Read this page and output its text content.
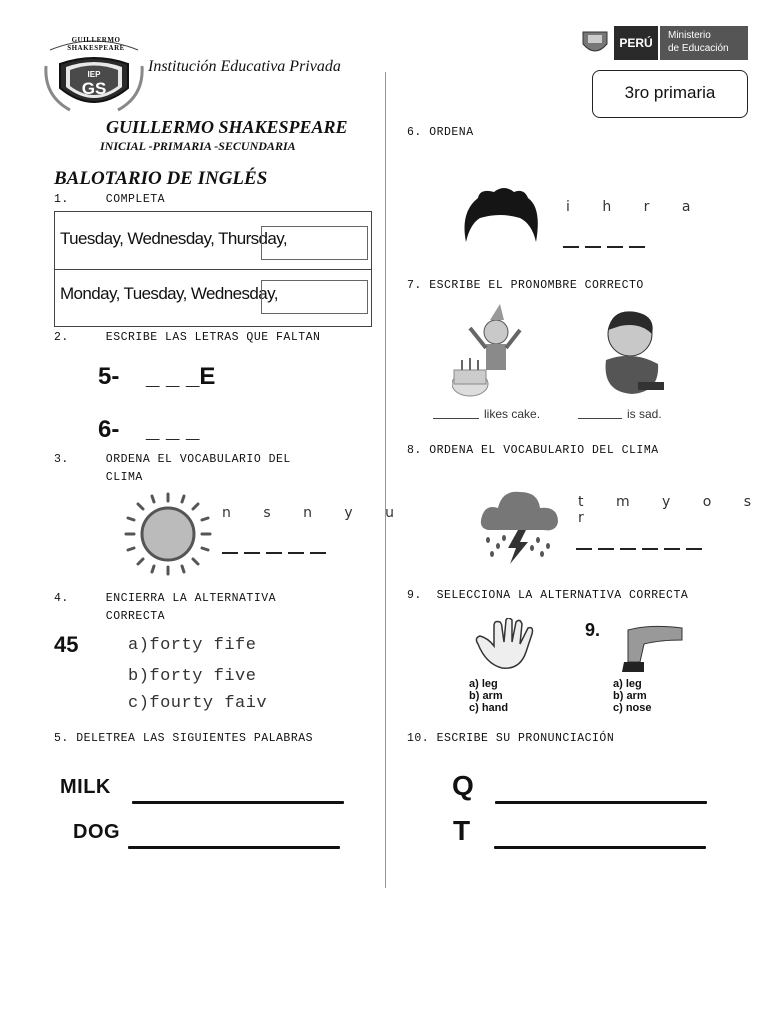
GUILLERMO SHAKESPEARE
IEP
GS
Institución Educativa Privada
GUILLERMO SHAKESPEARE
INICIAL -PRIMARIA -SECUNDARIA
BALOTARIO DE INGLÉS
PERÚ
Ministerio
de Educación
3ro primaria
1.     COMPLETA
Tuesday, Wednesday, Thursday,
Monday, Tuesday, Wednesday,
2.     ESCRIBE LAS LETRAS QUE FALTAN
5- _ _ _E
6- _ _ _
3.     ORDENA EL VOCABULARIO DEL
CLIMA
n s n y u
4.     ENCIERRA LA ALTERNATIVA
CORRECTA
45	a)forty fife
b)forty five
c)fourty faiv
5. DELETREA LAS SIGUIENTES PALABRAS
MILK
DOG
6. ORDENA
i h r a
7. ESCRIBE EL PRONOMBRE CORRECTO
likes cake.	is sad.
8. ORDENA EL VOCABULARIO DEL CLIMA
t m y o s r
9.  SELECCIONA LA ALTERNATIVA CORRECTA
a) leg
b) arm
c) hand
9.
a) leg
b) arm
c) nose
10. ESCRIBE SU PRONUNCIACIÓN
Q
T
